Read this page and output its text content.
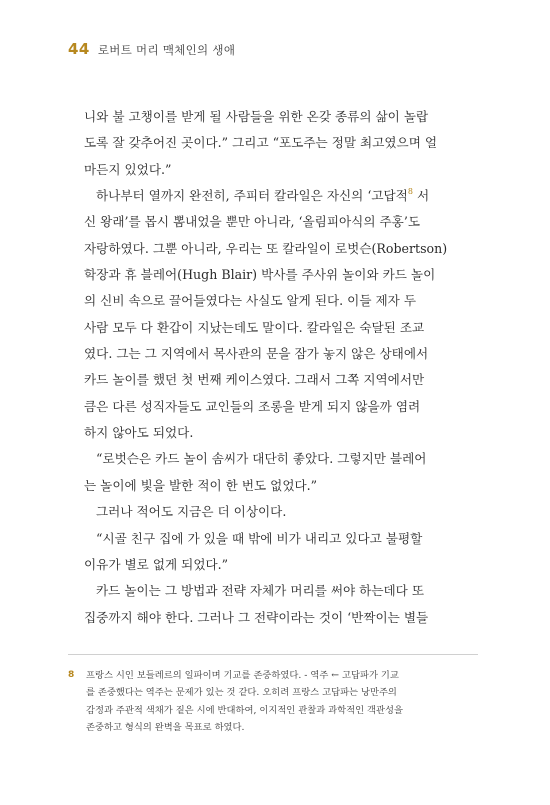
44 로버트 머리 맥체인의 생애
니와 불 고챙이를 받게 될 사람들을 위한 온갖 종류의 삶이 놀랍
도록 잘 갖추어진 곳이다.” 그리고 “포도주는 정말 최고였으며 얼
마든지 있었다.”
하나부터 열까지 완전히, 주피터 칼라일은 자신의 ‘고답적$^8$ 서
신 왕래’를 몹시 뽐내었을 뿐만 아니라, ‘올림피아식의 주홍’도
자랑하였다. 그뿐 아니라, 우리는 또 칼라일이 로벗슨(Robertson)
학장과 휴 블레어(Hugh Blair) 박사를 주사위 놀이와 카드 놀이
의 신비 속으로 끌어들였다는 사실도 알게 된다. 이들 제자 두
사람 모두 다 환갑이 지났는데도 말이다. 칼라일은 숙달된 조교
였다. 그는 그 지역에서 목사관의 문을 잠가 놓지 않은 상태에서
카드 놀이를 했던 첫 번째 케이스였다. 그래서 그쪽 지역에서만
큼은 다른 성직자들도 교인들의 조롱을 받게 되지 않을까 염려
하지 않아도 되었다.
“로벗슨은 카드 놀이 솜씨가 대단히 좋았다. 그렇지만 블레어
는 놀이에 빛을 발한 적이 한 번도 없었다.”
그러나 적어도 지금은 더 이상이다.
“시골 친구 집에 가 있을 때 밖에 비가 내리고 있다고 불평할
이유가 별로 없게 되었다.”
카드 놀이는 그 방법과 전략 자체가 머리를 써야 하는데다 또
집중까지 해야 한다. 그러나 그 전략이라는 것이 ‘반짝이는 별들
8	프랑스 시인 보들레르의 일파이며 기교를 존중하였다. - 역주 ← 고답파가 기교
를 존중했다는 역주는 문제가 있는 것 같다. 오히려 프랑스 고답파는 낭만주의
감정과 주관적 색채가 짙은 시에 반대하여, 이지적인 관찰과 과학적인 객관성을
존중하고 형식의 완벽을 목표로 하였다.
